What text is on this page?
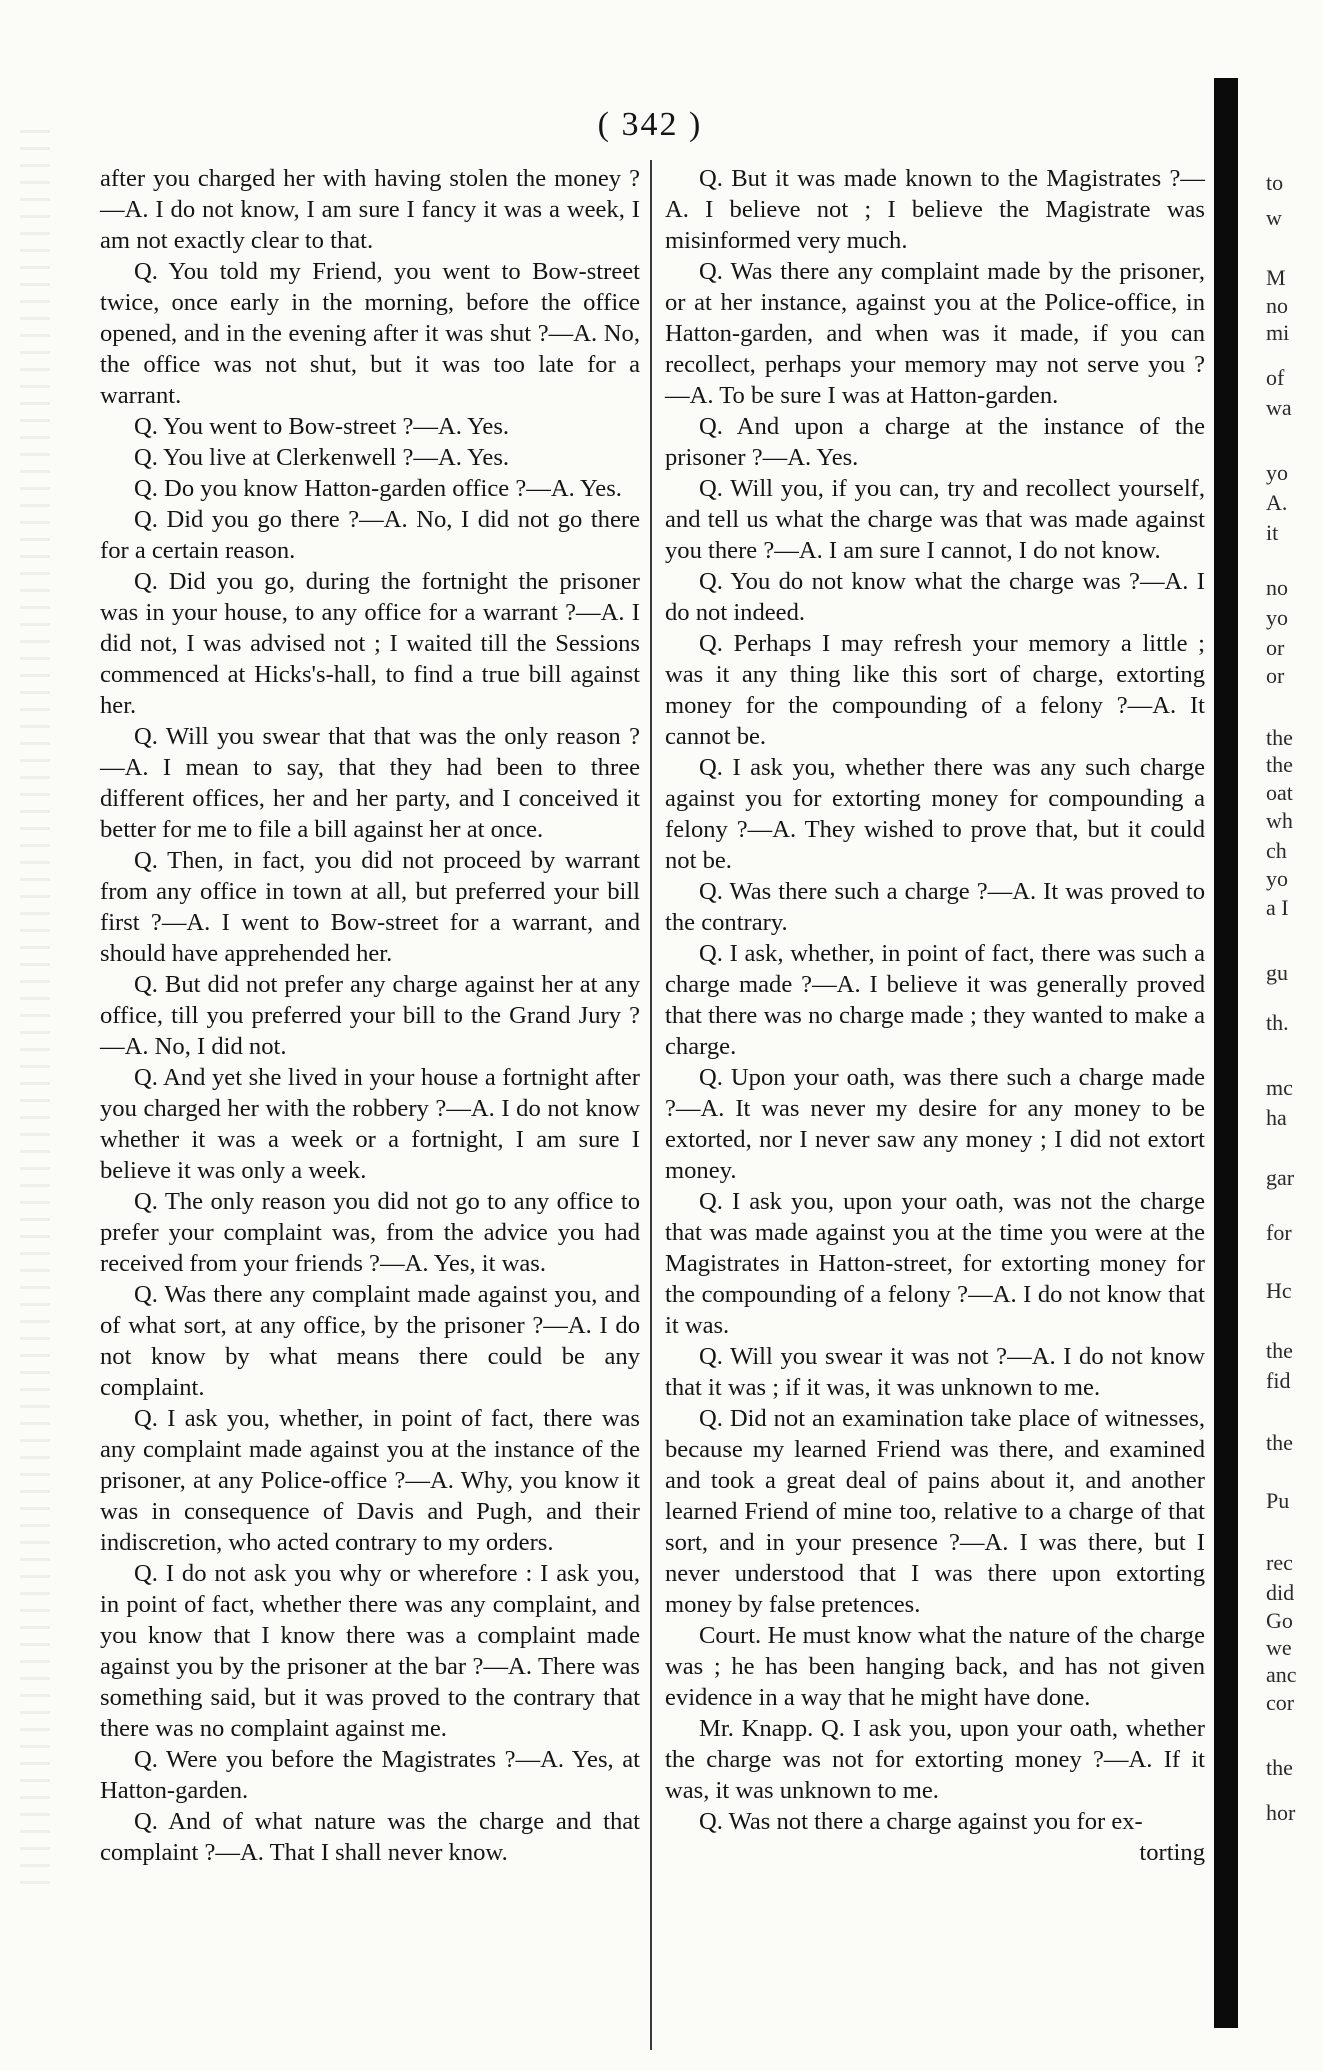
( 342 )

after you charged her with having stolen the money ?—A. I do not know, I am sure I fancy it was a week, I am not exactly clear to that.

Q. You told my Friend, you went to Bow-street twice, once early in the morning, before the office opened, and in the evening after it was shut ?—A. No, the office was not shut, but it was too late for a warrant.

Q. You went to Bow-street ?—A. Yes.

Q. You live at Clerkenwell ?—A. Yes.

Q. Do you know Hatton-garden office ?—A. Yes.

Q. Did you go there ?—A. No, I did not go there for a certain reason.

Q. Did you go, during the fortnight the prisoner was in your house, to any office for a warrant ?—A. I did not, I was advised not ; I waited till the Sessions commenced at Hicks's-hall, to find a true bill against her.

Q. Will you swear that that was the only reason ?—A. I mean to say, that they had been to three different offices, her and her party, and I conceived it better for me to file a bill against her at once.

Q. Then, in fact, you did not proceed by warrant from any office in town at all, but preferred your bill first ?—A. I went to Bow-street for a warrant, and should have apprehended her.

Q. But did not prefer any charge against her at any office, till you preferred your bill to the Grand Jury ?—A. No, I did not.

Q. And yet she lived in your house a fortnight after you charged her with the robbery ?—A. I do not know whether it was a week or a fortnight, I am sure I believe it was only a week.

Q. The only reason you did not go to any office to prefer your complaint was, from the advice you had received from your friends ?—A. Yes, it was.

Q. Was there any complaint made against you, and of what sort, at any office, by the prisoner ?—A. I do not know by what means there could be any complaint.

Q. I ask you, whether, in point of fact, there was any complaint made against you at the instance of the prisoner, at any Police-office ?—A. Why, you know it was in consequence of Davis and Pugh, and their indiscretion, who acted contrary to my orders.

Q. I do not ask you why or wherefore : I ask you, in point of fact, whether there was any complaint, and you know that I know there was a complaint made against you by the prisoner at the bar ?—A. There was something said, but it was proved to the contrary that there was no complaint against me.

Q. Were you before the Magistrates ?—A. Yes, at Hatton-garden.

Q. And of what nature was the charge and that complaint ?—A. That I shall never know.

Q. But it was made known to the Magistrates ?—A. I believe not ; I believe the Magistrate was misinformed very much.

Q. Was there any complaint made by the prisoner, or at her instance, against you at the Police-office, in Hatton-garden, and when was it made, if you can recollect, perhaps your memory may not serve you ?—A. To be sure I was at Hatton-garden.

Q. And upon a charge at the instance of the prisoner ?—A. Yes.

Q. Will you, if you can, try and recollect yourself, and tell us what the charge was that was made against you there ?—A. I am sure I cannot, I do not know.

Q. You do not know what the charge was ?—A. I do not indeed.

Q. Perhaps I may refresh your memory a little ; was it any thing like this sort of charge, extorting money for the compounding of a felony ?—A. It cannot be.

Q. I ask you, whether there was any such charge against you for extorting money for compounding a felony ?—A. They wished to prove that, but it could not be.

Q. Was there such a charge ?—A. It was proved to the contrary.

Q. I ask, whether, in point of fact, there was such a charge made ?—A. I believe it was generally proved that there was no charge made ; they wanted to make a charge.

Q. Upon your oath, was there such a charge made ?—A. It was never my desire for any money to be extorted, nor I never saw any money ; I did not extort money.

Q. I ask you, upon your oath, was not the charge that was made against you at the time you were at the Magistrates in Hatton-street, for extorting money for the compounding of a felony ?—A. I do not know that it was.

Q. Will you swear it was not ?—A. I do not know that it was ; if it was, it was unknown to me.

Q. Did not an examination take place of witnesses, because my learned Friend was there, and examined and took a great deal of pains about it, and another learned Friend of mine too, relative to a charge of that sort, and in your presence ?—A. I was there, but I never understood that I was there upon extorting money by false pretences.

Court. He must know what the nature of the charge was ; he has been hanging back, and has not given evidence in a way that he might have done.

Mr. Knapp. Q. I ask you, upon your oath, whether the charge was not for extorting money ?—A. If it was, it was unknown to me.

Q. Was not there a charge against you for ex-

torting

to
w
M
no
mi
of
wa
yo
A.
it
no
yo
or
or
the
the
oat
wh
ch
yo
a I
gu
th.
mc
ha
gar
for
Hc
the
fid
the
Pu
rec
did
Go
we
anc
cor
the
hor
